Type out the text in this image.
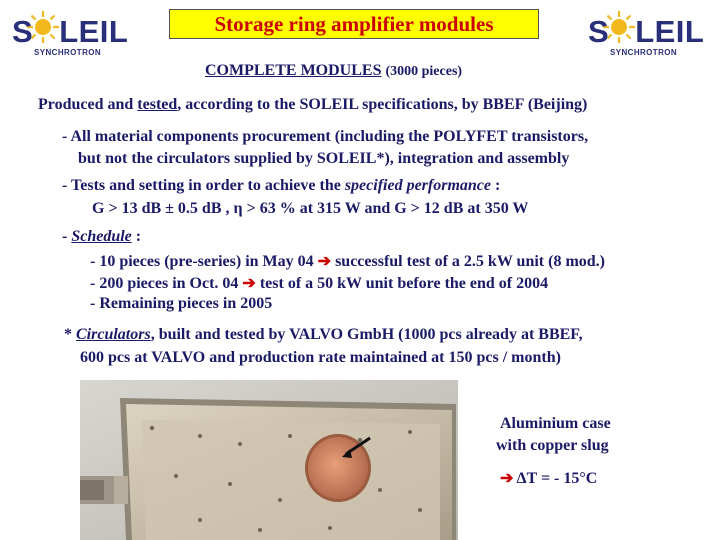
S LEIL
SYNCHROTRON
S LEIL
SYNCHROTRON
Storage ring amplifier modules
COMPLETE MODULES (3000 pieces)
Produced and tested, according to the SOLEIL specifications, by BBEF (Beijing)
- All material components procurement (including the POLYFET transistors,
but not the circulators supplied by SOLEIL*), integration and assembly
- Tests and setting in order to achieve the specified performance :
G > 13 dB ± 0.5 dB , η > 63 % at 315 W and G > 12 dB at 350 W
- Schedule :
- 10 pieces (pre-series) in May 04 ➔ successful test of a 2.5 kW unit (8 mod.)
- 200 pieces in Oct. 04 ➔ test of a 50 kW unit before the end of 2004
- Remaining pieces in 2005
* Circulators, built and tested by VALVO GmbH (1000 pcs already at BBEF,
600 pcs at VALVO and production rate maintained at 150 pcs / month)
Aluminium case
with copper slug
➔ ΔT = - 15°C
